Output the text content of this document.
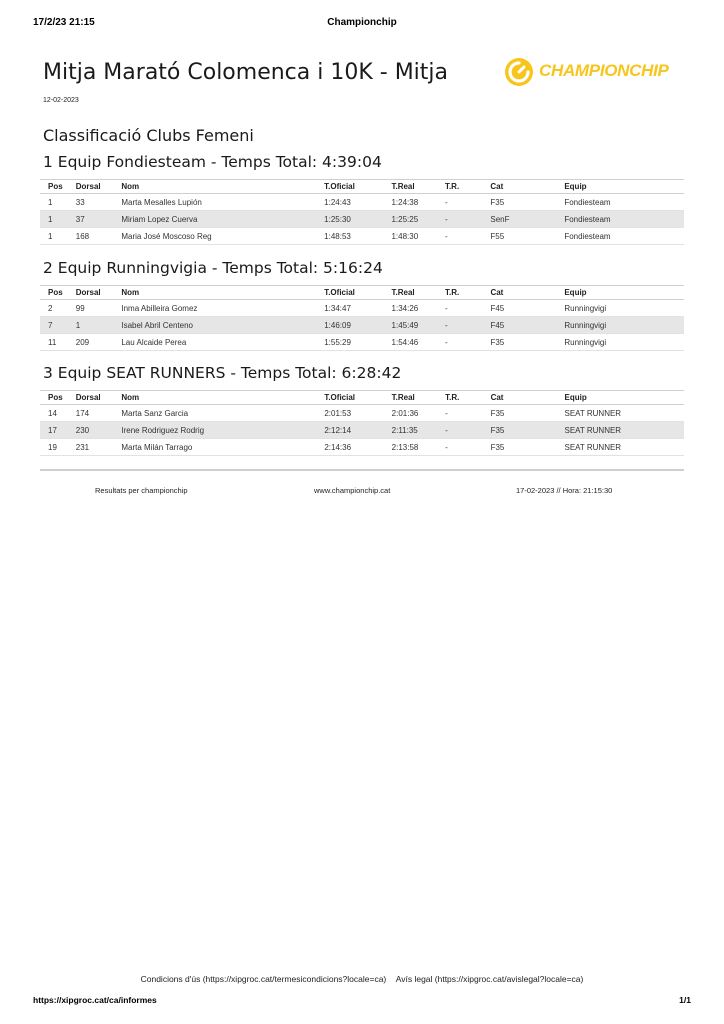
17/2/23 21:15	Championchip
Mitja Marató Colomenca i 10K - Mitja
12-02-2023
CHAMPIONCHIP
Classificació Clubs Femeni
1 Equip Fondiesteam - Temps Total: 4:39:04
Pos	Dorsal	Nom	T.Oficial	T.Real	T.R.	Cat	Equip
1	33	Marta Mesalles Lupión	1:24:43	1:24:38	-	F35	Fondiesteam
1	37	Miriam Lopez Cuerva	1:25:30	1:25:25	-	SenF	Fondiesteam
1	168	Maria José Moscoso Reg	1:48:53	1:48:30	-	F55	Fondiesteam
2 Equip Runningvigia - Temps Total: 5:16:24
Pos	Dorsal	Nom	T.Oficial	T.Real	T.R.	Cat	Equip
2	99	Inma Abilleira Gomez	1:34:47	1:34:26	-	F45	Runningvigi
7	1	Isabel Abril Centeno	1:46:09	1:45:49	-	F45	Runningvigi
11	209	Lau Alcaide Perea	1:55:29	1:54:46	-	F35	Runningvigi
3 Equip SEAT RUNNERS - Temps Total: 6:28:42
Pos	Dorsal	Nom	T.Oficial	T.Real	T.R.	Cat	Equip
14	174	Marta Sanz Garcia	2:01:53	2:01:36	-	F35	SEAT RUNNER
17	230	Irene Rodriguez Rodrig	2:12:14	2:11:35	-	F35	SEAT RUNNER
19	231	Marta Milán Tarrago	2:14:36	2:13:58	-	F35	SEAT RUNNER
Resultats per championchip	www.championchip.cat	17-02-2023 // Hora: 21:15:30
Condicions d'ús (https://xipgroc.cat/termesicondicions?locale=ca) Avís legal (https://xipgroc.cat/avislegal?locale=ca)
https://xipgroc.cat/ca/informes	1/1
